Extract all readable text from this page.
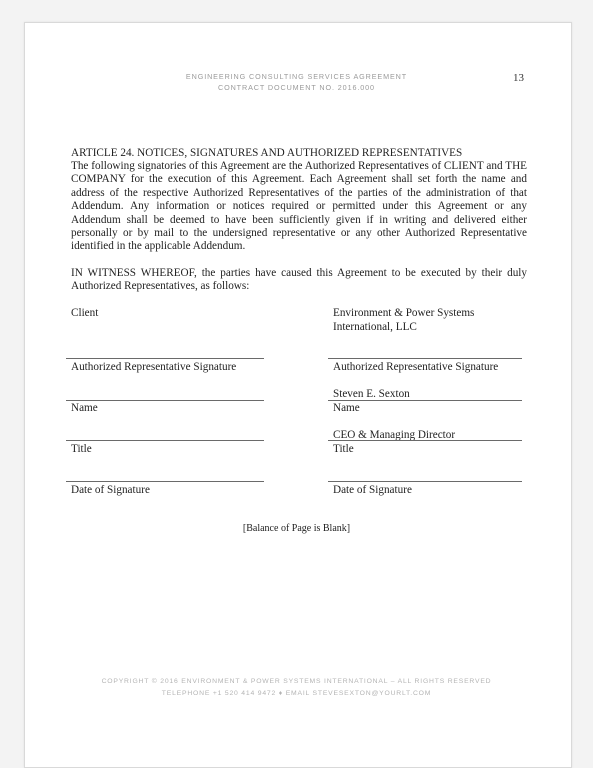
ENGINEERING CONSULTING SERVICES AGREEMENT
CONTRACT DOCUMENT NO. 2016.000
13
ARTICLE 24. NOTICES, SIGNATURES AND AUTHORIZED REPRESENTATIVES
The following signatories of this Agreement are the Authorized Representatives of CLIENT and THE COMPANY for the execution of this Agreement. Each Agreement shall set forth the name and address of the respective Authorized Representatives of the parties of the administration of that Addendum. Any information or notices required or permitted under this Agreement or any Addendum shall be deemed to have been sufficiently given if in writing and delivered either personally or by mail to the undersigned representative or any other Authorized Representative identified in the applicable Addendum.
IN WITNESS WHEREOF, the parties have caused this Agreement to be executed by their duly Authorized Representatives, as follows:
Client
Authorized Representative Signature
Name
Title
Date of Signature
Environment & Power Systems
International, LLC
Authorized Representative Signature
Steven E. Sexton
Name
CEO & Managing Director
Title
Date of Signature
[Balance of Page is Blank]
COPYRIGHT © 2016 ENVIRONMENT & POWER SYSTEMS INTERNATIONAL – ALL RIGHTS RESERVED
TELEPHONE +1 520 414 9472 ♦ EMAIL STEVESEXTON@YOURLT.COM
